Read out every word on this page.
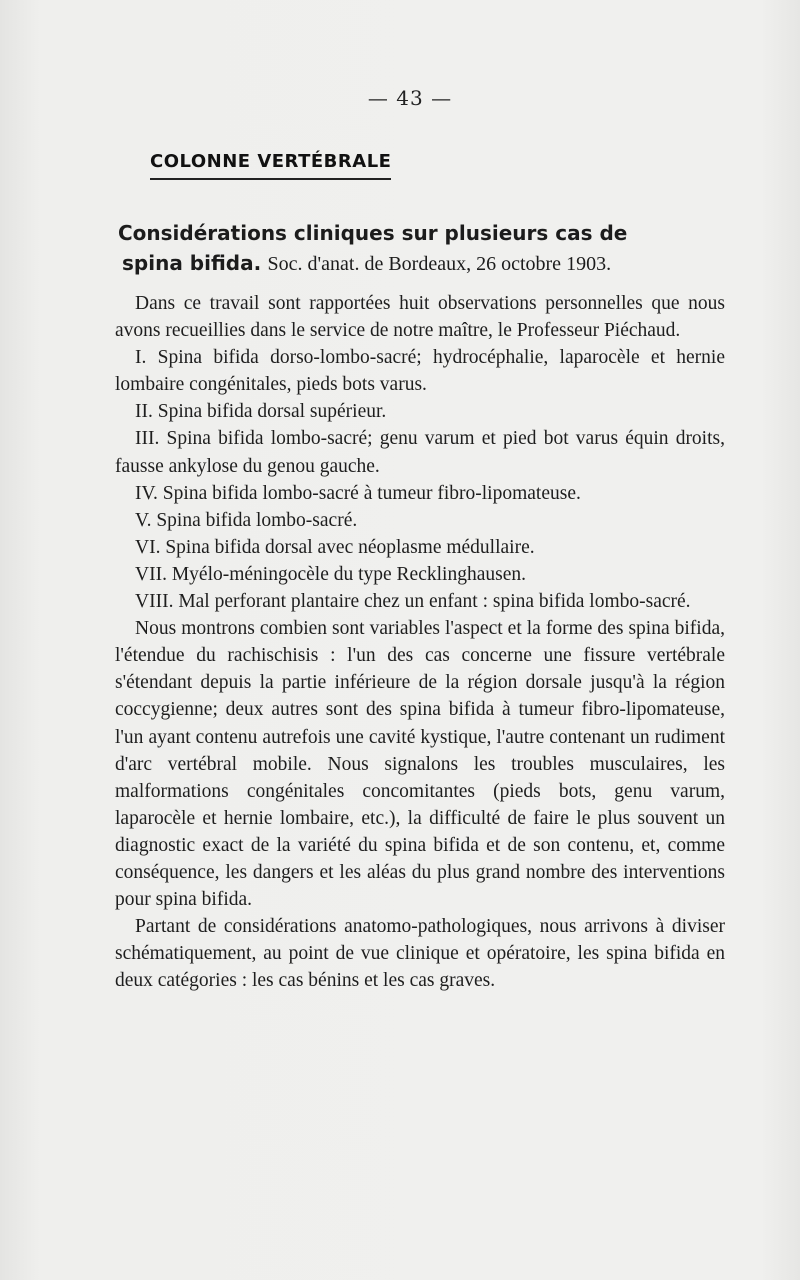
— 43 —
COLONNE VERTÉBRALE

Considérations cliniques sur plusieurs cas de

spina bifida. Soc. d'anat. de Bordeaux, 26 octobre 1903.

Dans ce travail sont rapportées huit observations personnelles que nous avons recueillies dans le service de notre maître, le Professeur Piéchaud.

I. Spina bifida dorso-lombo-sacré; hydrocéphalie, laparocèle et hernie lombaire congénitales, pieds bots varus.

II. Spina bifida dorsal supérieur.

III. Spina bifida lombo-sacré; genu varum et pied bot varus équin droits, fausse ankylose du genou gauche.

IV. Spina bifida lombo-sacré à tumeur fibro-lipomateuse.

V. Spina bifida lombo-sacré.

VI. Spina bifida dorsal avec néoplasme médullaire.

VII. Myélo-méningocèle du type Recklinghausen.

VIII. Mal perforant plantaire chez un enfant : spina bifida lombo-sacré.

Nous montrons combien sont variables l'aspect et la forme des spina bifida, l'étendue du rachischisis : l'un des cas concerne une fissure vertébrale s'étendant depuis la partie inférieure de la région dorsale jusqu'à la région coccygienne; deux autres sont des spina bifida à tumeur fibro-lipomateuse, l'un ayant contenu autrefois une cavité kystique, l'autre contenant un rudiment d'arc vertébral mobile. Nous signalons les troubles musculaires, les malformations congénitales concomitantes (pieds bots, genu varum, laparocèle et hernie lombaire, etc.), la difficulté de faire le plus souvent un diagnostic exact de la variété du spina bifida et de son contenu, et, comme conséquence, les dangers et les aléas du plus grand nombre des interventions pour spina bifida.

Partant de considérations anatomo-pathologiques, nous arrivons à diviser schématiquement, au point de vue clinique et opératoire, les spina bifida en deux catégories : les cas bénins et les cas graves.
